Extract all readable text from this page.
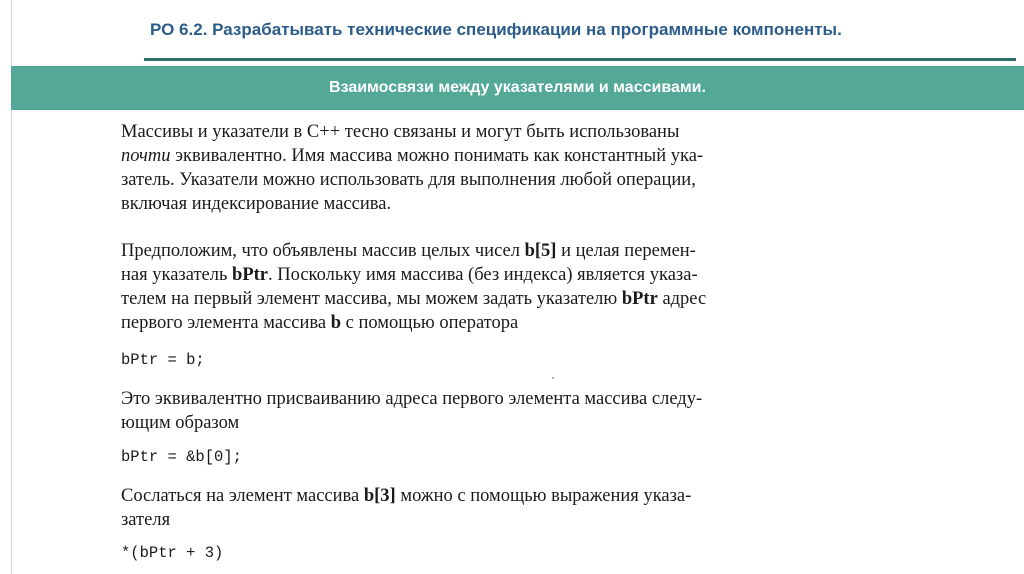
РО 6.2. Разрабатывать технические спецификации на программные компоненты.
Взаимосвязи между указателями и массивами.

Массивы и указатели в C++ тесно связаны и могут быть использованы
почти эквивалентно. Имя массива можно понимать как константный ука-
затель. Указатели можно использовать для выполнения любой операции,
включая индексирование массива.

Предположим, что объявлены массив целых чисел b[5] и целая перемен-
ная указатель bPtr. Поскольку имя массива (без индекса) является указа-
телем на первый элемент массива, мы можем задать указателю bPtr адрес
первого элемента массива b с помощью оператора

bPtr = b;

Это эквивалентно присваиванию адреса первого элемента массива следу-
ющим образом

bPtr = &b[0];

Сослаться на элемент массива b[3] можно с помощью выражения указа-
зателя

*(bPtr + 3)
